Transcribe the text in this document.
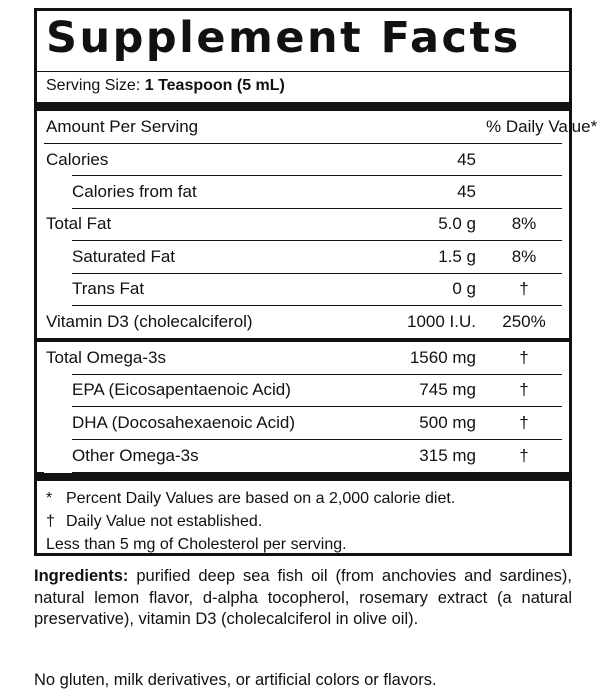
Supplement Facts
Serving Size: 1 Teaspoon (5 mL)
Amount Per Serving	% Daily Value*
Calories	45
Calories from fat	45
Total Fat	5.0 g	8%
Saturated Fat	1.5 g	8%
Trans Fat	0 g	†
Vitamin D3 (cholecalciferol)	1000 I.U.	250%
Total Omega-3s	1560 mg	†
EPA (Eicosapentaenoic Acid)	745 mg	†
DHA (Docosahexaenoic Acid)	500 mg	†
Other Omega-3s	315 mg	†
* Percent Daily Values are based on a 2,000 calorie diet.
† Daily Value not established.
Less than 5 mg of Cholesterol per serving.
Ingredients: purified deep sea fish oil (from anchovies and sardines), natural lemon flavor, d-alpha tocopherol, rosemary extract (a natural preservative), vitamin D3 (cholecalciferol in olive oil).
No gluten, milk derivatives, or artificial colors or flavors.
